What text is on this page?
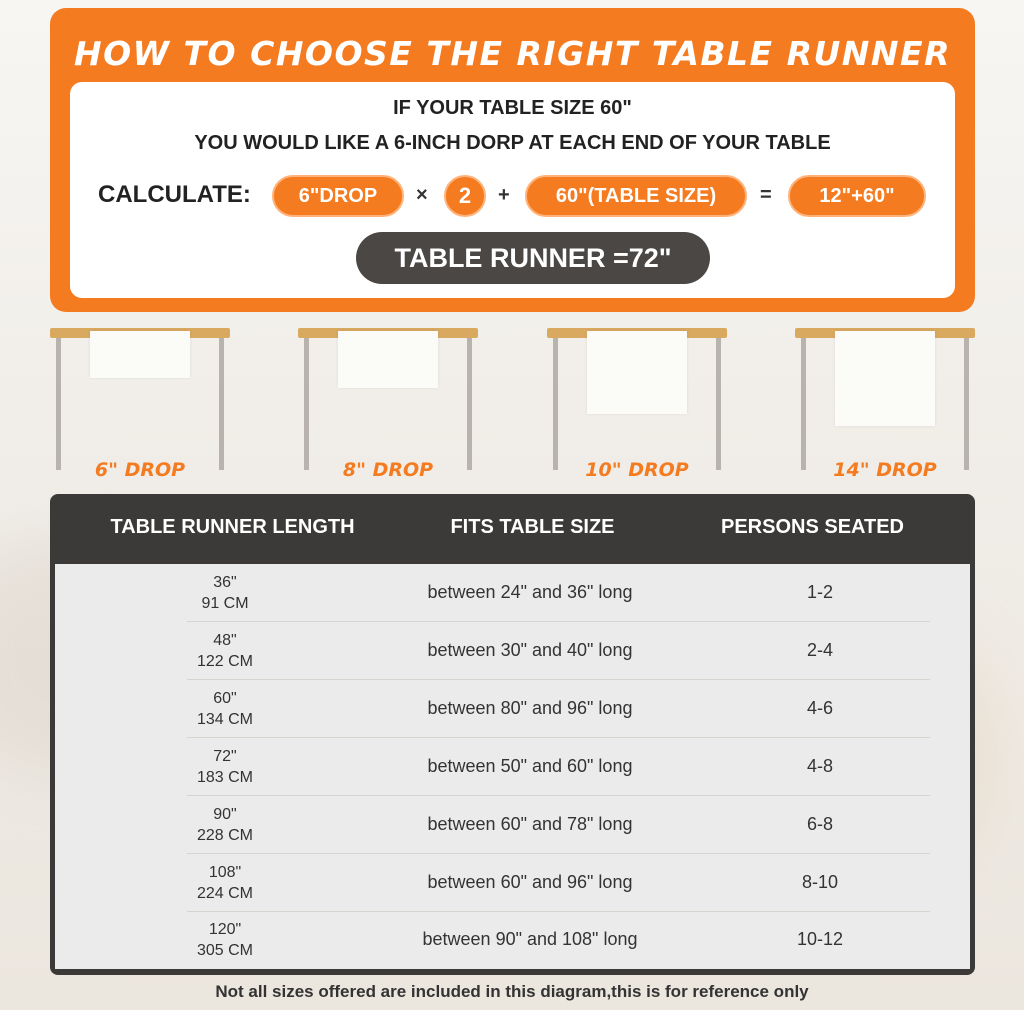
HOW TO CHOOSE THE RIGHT TABLE RUNNER
IF YOUR TABLE SIZE 60"
YOU WOULD LIKE A 6-INCH DORP AT EACH END OF YOUR TABLE
CALCULATE:	6"DROP	×	2	+	60"(TABLE SIZE)	=	12"+60"
TABLE RUNNER =72"
6" DROP	8" DROP	10" DROP	14" DROP
TABLE RUNNER LENGTH	FITS TABLE SIZE	PERSONS SEATED
36"
91 CM
between 24" and 36" long	1-2
48"
122 CM
between 30" and 40" long	2-4
60"
134 CM
between 80" and 96" long	4-6
72"
183 CM
between 50" and 60" long	4-8
90"
228 CM
between 60" and 78" long	6-8
108"
224 CM
between 60" and 96" long	8-10
120"
305 CM
between 90" and 108" long	10-12
Not all sizes offered are included in this diagram,this is for reference only
